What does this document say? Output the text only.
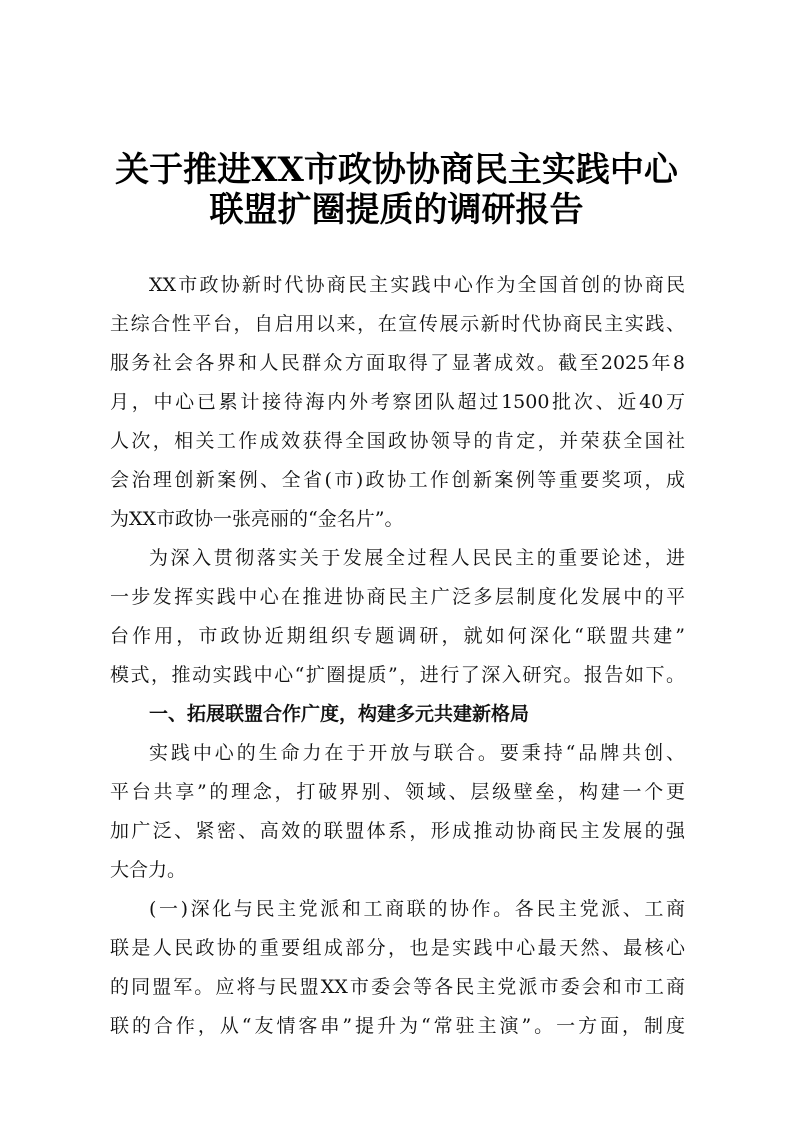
关于推进XX市政协协商民主实践中心
联盟扩圈提质的调研报告
XX市政协新时代协商民主实践中心作为全国首创的协商民
主综合性平台，自启用以来，在宣传展示新时代协商民主实践、
服务社会各界和人民群众方面取得了显著成效。截至2025年8
月，中心已累计接待海内外考察团队超过1500批次、近40万
人次，相关工作成效获得全国政协领导的肯定，并荣获全国社
会治理创新案例、全省(市)政协工作创新案例等重要奖项，成
为XX市政协一张亮丽的“金名片”。
为深入贯彻落实关于发展全过程人民民主的重要论述，进
一步发挥实践中心在推进协商民主广泛多层制度化发展中的平
台作用，市政协近期组织专题调研，就如何深化“联盟共建”
模式，推动实践中心“扩圈提质”，进行了深入研究。报告如下。
一、拓展联盟合作广度，构建多元共建新格局
实践中心的生命力在于开放与联合。要秉持“品牌共创、
平台共享”的理念，打破界别、领域、层级壁垒，构建一个更
加广泛、紧密、高效的联盟体系，形成推动协商民主发展的强
大合力。
(一)深化与民主党派和工商联的协作。各民主党派、工商
联是人民政协的重要组成部分，也是实践中心最天然、最核心
的同盟军。应将与民盟XX市委会等各民主党派市委会和市工商
联的合作，从“友情客串”提升为“常驻主演”。一方面，制度
